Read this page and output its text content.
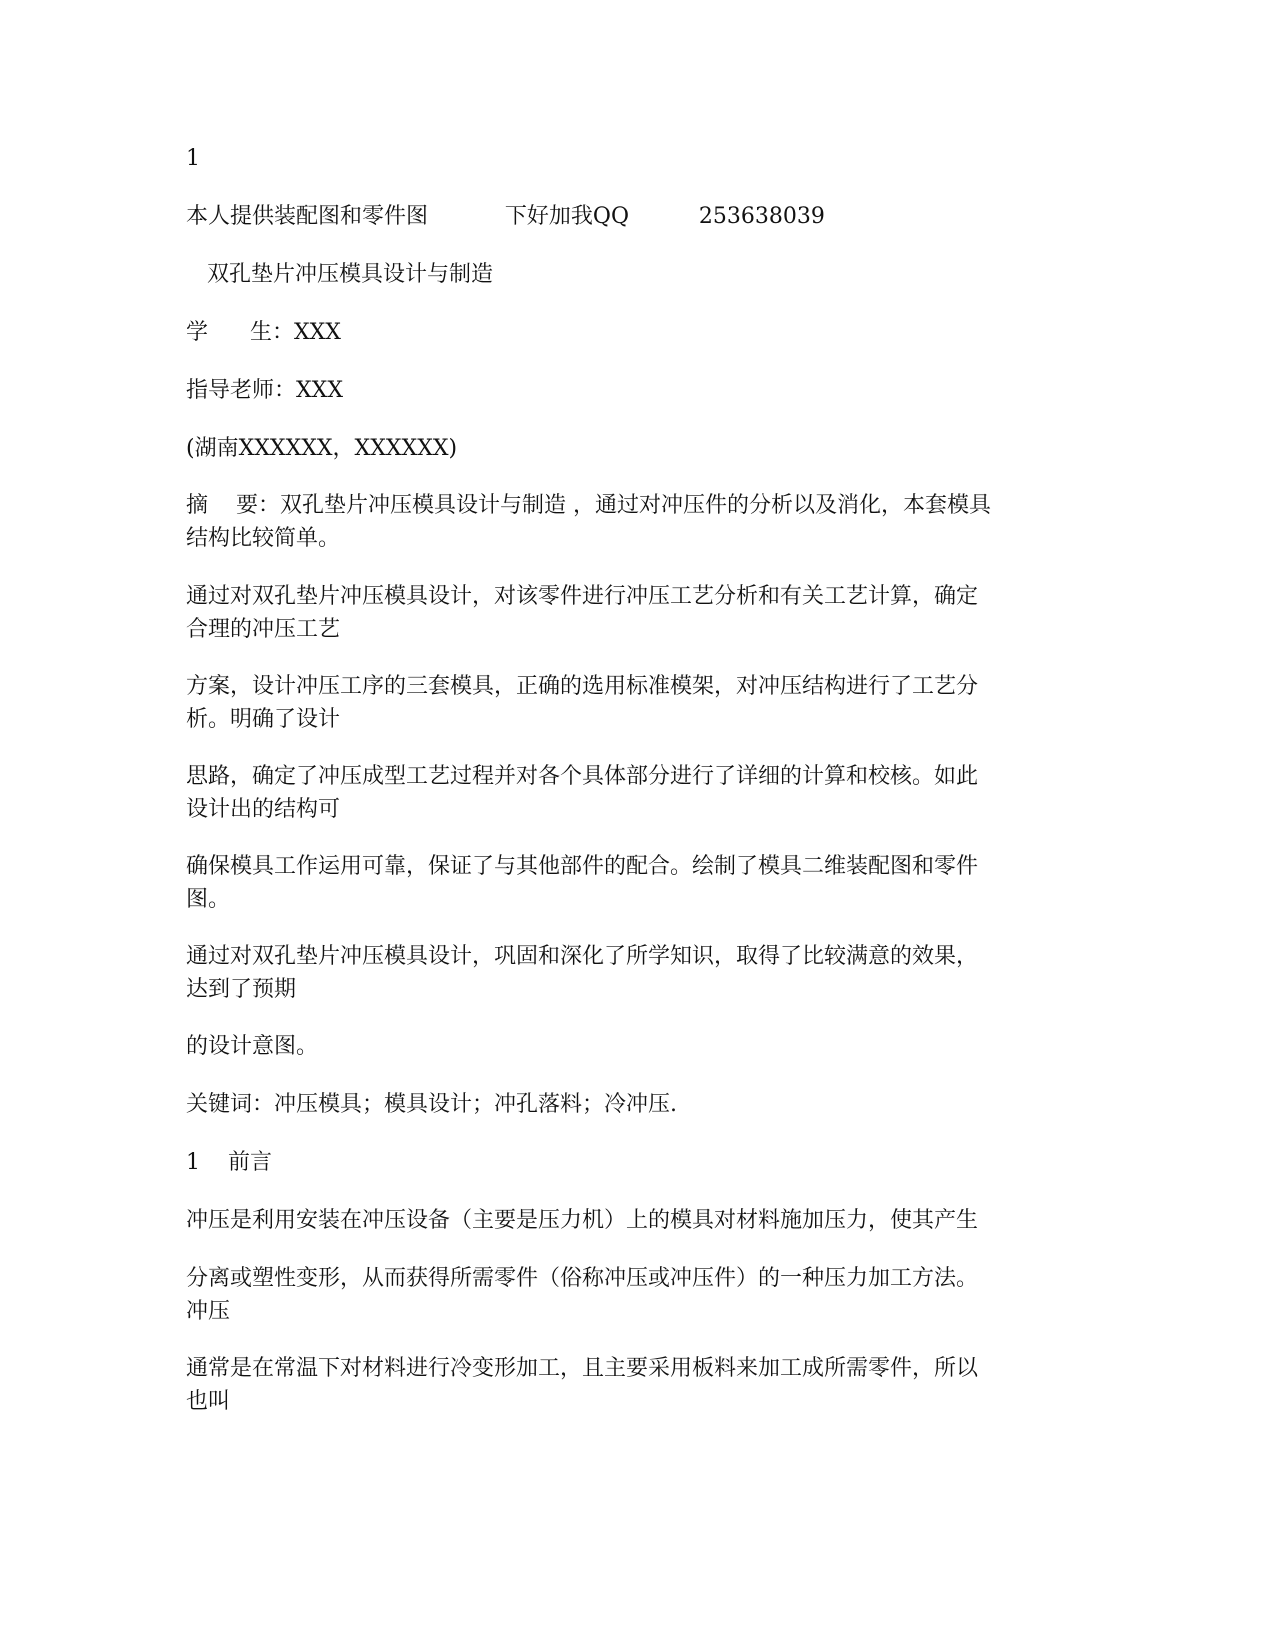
1

本人提供装配图和零件图           下好加我QQ          253638039

双孔垫片冲压模具设计与制造

学      生：XXX

指导老师：XXX

(湖南XXXXXX，XXXXXX)

摘    要：双孔垫片冲压模具设计与制造 ，通过对冲压件的分析以及消化，本套模具
结构比较简单。

通过对双孔垫片冲压模具设计，对该零件进行冲压工艺分析和有关工艺计算，确定
合理的冲压工艺

方案，设计冲压工序的三套模具，正确的选用标准模架，对冲压结构进行了工艺分
析。明确了设计

思路，确定了冲压成型工艺过程并对各个具体部分进行了详细的计算和校核。如此
设计出的结构可

确保模具工作运用可靠，保证了与其他部件的配合。绘制了模具二维装配图和零件
图。

通过对双孔垫片冲压模具设计，巩固和深化了所学知识，取得了比较满意的效果，
达到了预期

的设计意图。

关键词：冲压模具；模具设计；冲孔落料；冷冲压.

1    前言

冲压是利用安装在冲压设备（主要是压力机）上的模具对材料施加压力，使其产生

分离或塑性变形，从而获得所需零件（俗称冲压或冲压件）的一种压力加工方法。
冲压

通常是在常温下对材料进行冷变形加工，且主要采用板料来加工成所需零件，所以
也叫
